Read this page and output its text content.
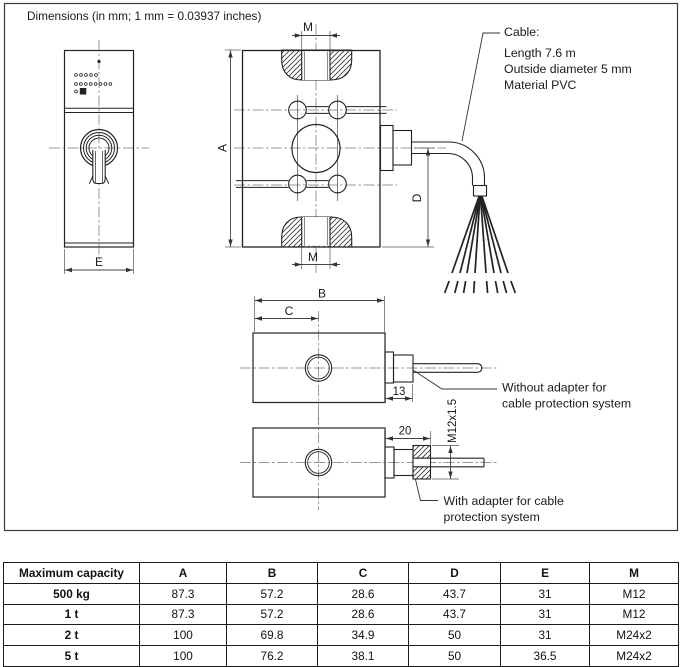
Dimensions (in mm; 1 mm = 0.03937 inches)
E
M
M
A
D
Cable:
Length 7.6 m
Outside diameter 5 mm
Material PVC
B
C
13	Without adapter for
cable protection system
20	M12x1.5
With adapter for cable
protection system
Maximum capacity	A	B	C	D	E	M
500 kg	87.3	57.2	28.6	43.7	31	M12
1 t	87.3	57.2	28.6	43.7	31	M12
2 t	100	69.8	34.9	50	31	M24x2
5 t	100	76.2	38.1	50	36.5	M24x2
